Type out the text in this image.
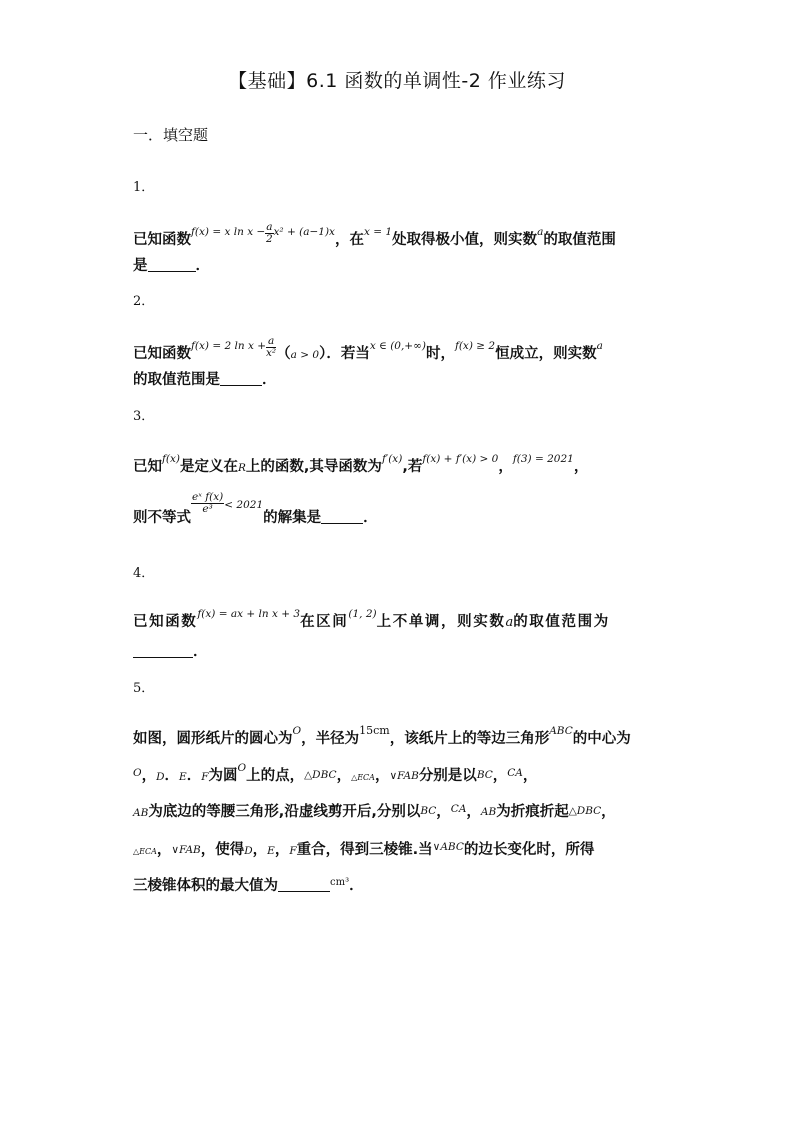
【基础】6.1 函数的单调性-2 作业练习
一．填空题
1．
已知函数$^{f(x) = x ln x -} \frac{a}{2} ^{x^2 + (a-1)x}$，在$^{x = 1}$处取得极小值，则实数$^a$的取值范围
是	．
2．
已知函数$^{f(x) = 2 ln x +} \frac{a}{\text{x²}} (a > 0)$．若当$^{x \in (0,+\infty)}$时，$^{f(x) \ge 2}$恒成立，则实数$^a$
的取值范围是	．
3．
已知$^{f(x)}$是定义在R上的函数,其导函数为$^{f'(x)}$,若$^{f(x) + f'(x) > 0}$，$^{f(3) = 2021}$，
则不等式
$\frac{\text{eˣ f(x)}}{\text{e³}} < 2021$的解集是	．
4．
已知函数$^{f(x) = ax + ln x + 3}$在区间$^{(1, 2)}$上不单调，则实数a的取值范围为
．
5．
如图，圆形纸片的圆心为$^O$，半径为$^{15cm}$，该纸片上的等边三角形$^{ABC}$的中心为
$^O$，D．E．F为圆$^O$上的点，△DBC，△ECA，∨FAB分别是以BC，$^{CA}$，
AB为底边的等腰三角形,沿虚线剪开后,分别以BC，$^{CA}$，AB为折痕折起△DBC，
△ECA，∨FAB，使得D，E，F重合，得到三棱锥.当$^{\vee ABC}$的边长变化时，所得
三棱锥体积的最大值为	$^{cm^3}$．
